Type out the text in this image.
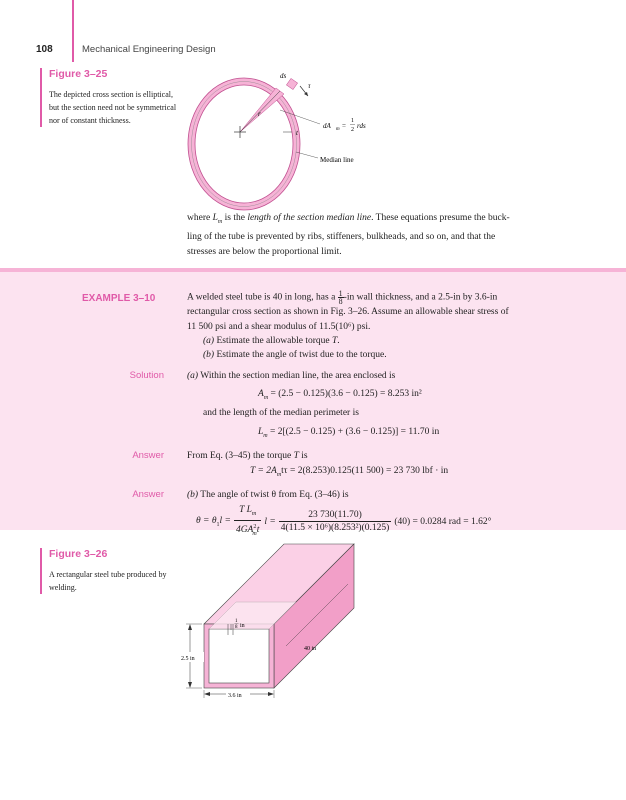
108	Mechanical Engineering Design
Figure 3–25
The depicted cross section is elliptical, but the section need not be symmetrical nor of constant thickness.
ds
τ
r
t
dA m =
1
2 rds
Median line
where $L_m$ is the length of the section median line. These equations presume the buck-
ling of the tube is prevented by ribs, stiffeners, bulkheads, and so on, and that the
stresses are below the proportional limit.
EXAMPLE 3–10	A welded steel tube is 40 in long, has a $\frac{1}{8} -in$ wall thickness, and a 2.5-in by 3.6-in
rectangular cross section as shown in Fig. 3–26. Assume an allowable shear stress of
11 500 psi and a shear modulus of 11.5(10⁶) psi.
(a) Estimate the allowable torque T.
(b) Estimate the angle of twist due to the torque.
Solution (a) Within the section median line, the area enclosed is
$A_m = (2.5 - 0.125)(3.6 - 0.125) = 8.253$ in²
and the length of the median perimeter is
$L_m = 2[(2.5 - 0.125) + (3.6 - 0.125)] = 11.70$ in
Answer From Eq. (3–45) the torque T is
$T = 2A_mt\tau = 2(8.253)0.125(11$ 500) = 23 730 lbf · in
Answer (b) The angle of twist θ from Eq. (3–46) is
$\theta = \theta_1l = \frac{T L_m}{4GA^2_mt}$ $l = \frac{23 730(11.70)}{\text{4(11.5 × 10⁶)(8.253²)(0.125)}} (40) = 0.0284$ rad = 1.62°
Figure 3–26
A rectangular steel tube produced by welding.
1
8 in
40 in
2.5 in
3.6 in
